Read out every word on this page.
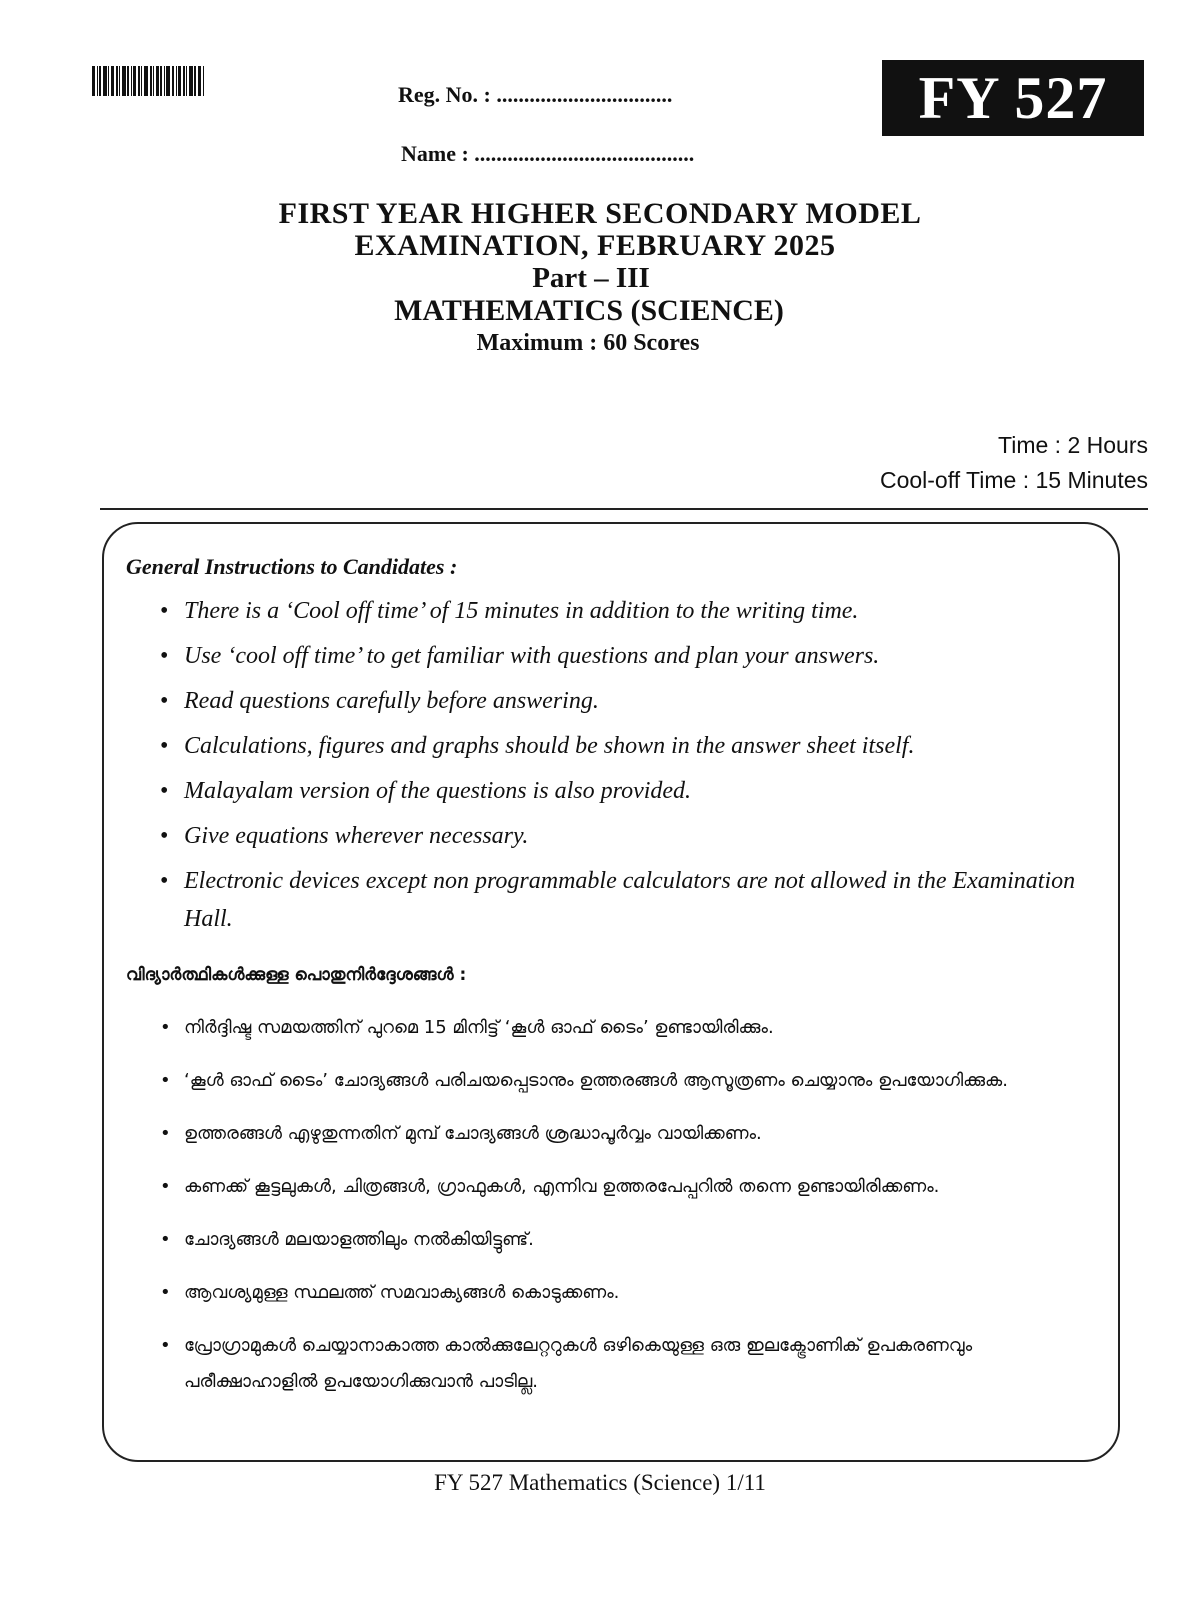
Reg. No. : ................................
Name : ........................................
FY 527
FIRST YEAR HIGHER SECONDARY MODEL
EXAMINATION, FEBRUARY 2025
Part – III
MATHEMATICS (SCIENCE)
Maximum : 60 Scores
Time : 2 Hours
Cool-off Time : 15 Minutes
General Instructions to Candidates :
• There is a ‘Cool off time’ of 15 minutes in addition to the writing time.
• Use ‘cool off time’ to get familiar with questions and plan your answers.
• Read questions carefully before answering.
• Calculations, figures and graphs should be shown in the answer sheet itself.
• Malayalam version of the questions is also provided.
• Give equations wherever necessary.
• Electronic devices except non programmable calculators are not allowed in the Examination Hall.
വിദ്യാർത്ഥികൾക്കുള്ള പൊതുനിർദ്ദേശങ്ങൾ :
• നിർദ്ദിഷ്ട സമയത്തിന് പുറമെ 15 മിനിട്ട് ‘കൂൾ ഓഫ് ടൈം’ ഉണ്ടായിരിക്കും.
• ‘കൂൾ ഓഫ് ടൈം’ ചോദ്യങ്ങൾ പരിചയപ്പെടാനും ഉത്തരങ്ങൾ ആസൂത്രണം ചെയ്യാനും ഉപയോഗിക്കുക.
• ഉത്തരങ്ങൾ എഴുതുന്നതിന് മുമ്പ് ചോദ്യങ്ങൾ ശ്രദ്ധാപൂർവ്വം വായിക്കണം.
• കണക്ക് കൂട്ടലുകൾ, ചിത്രങ്ങൾ, ഗ്രാഫുകൾ, എന്നിവ ഉത്തരപേപ്പറിൽ തന്നെ ഉണ്ടായിരിക്കണം.
• ചോദ്യങ്ങൾ മലയാളത്തിലും നൽകിയിട്ടുണ്ട്.
• ആവശ്യമുള്ള സ്ഥലത്ത് സമവാക്യങ്ങൾ കൊടുക്കണം.
• പ്രോഗ്രാമുകൾ ചെയ്യാനാകാത്ത കാൽക്കുലേറ്ററുകൾ ഒഴികെയുള്ള ഒരു ഇലക്ട്രോണിക് ഉപകരണവും പരീക്ഷാഹാളിൽ ഉപയോഗിക്കുവാൻ പാടില്ല.
FY 527 Mathematics (Science) 1/11
